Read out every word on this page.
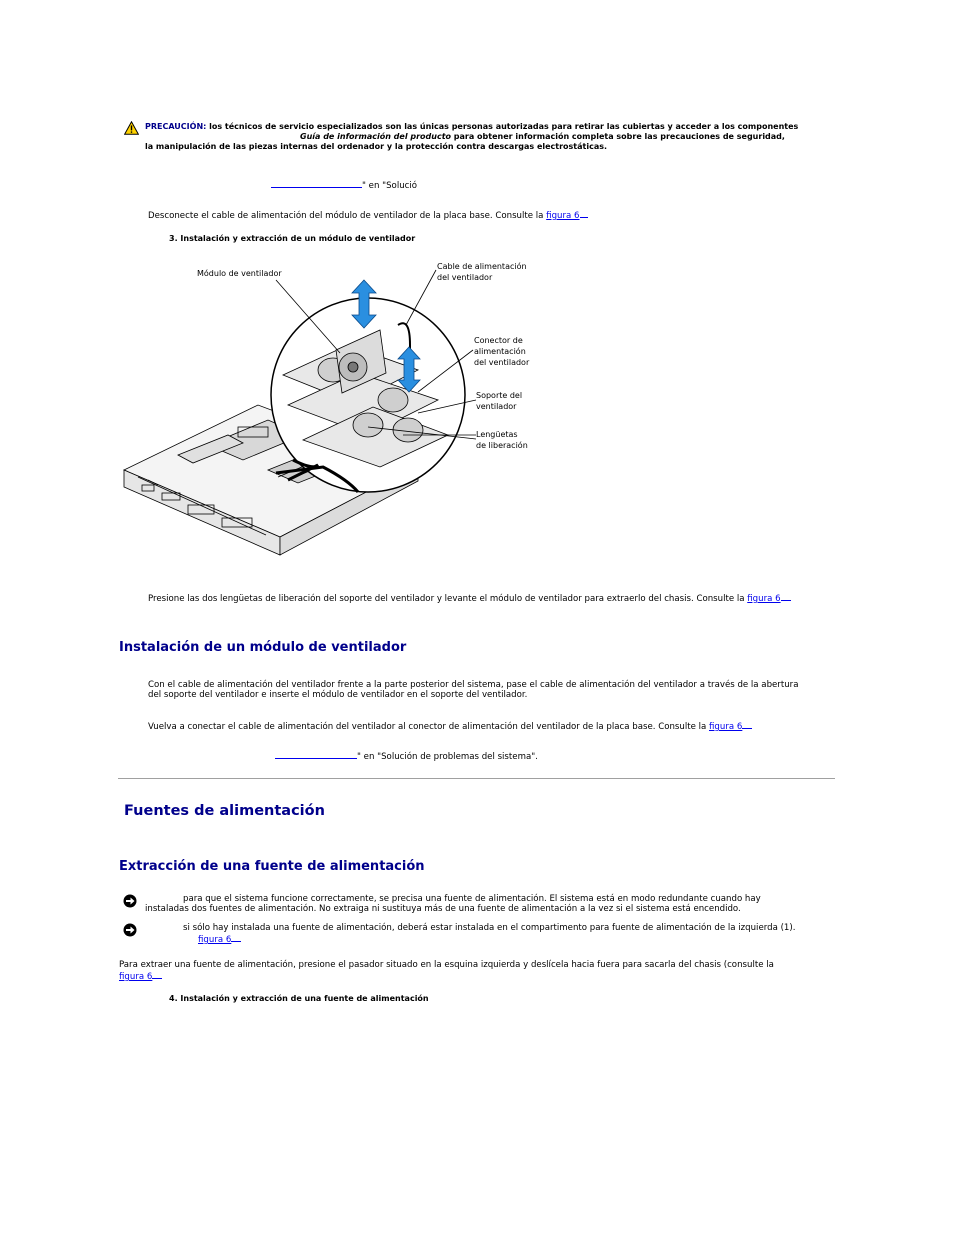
PRECAUCIÓN: los técnicos de servicio especializados son las únicas personas autorizadas para retirar las cubiertas y acceder a los componentes
Guía de información del producto para obtener información completa sobre las precauciones de seguridad,
la manipulación de las piezas internas del ordenador y la protección contra descargas electrostáticas.
" en "Solució
Desconecte el cable de alimentación del módulo de ventilador de la placa base. Consulte la figura 6
3. Instalación y extracción de un módulo de ventilador
Módulo de ventilador
Cable de alimentación
del ventilador
Conector de
alimentación
del ventilador
Soporte del
ventilador
Lengüetas
de liberación
Presione las dos lengüetas de liberación del soporte del ventilador y levante el módulo de ventilador para extraerlo del chasis. Consulte la figura 6
Instalación de un módulo de ventilador
Con el cable de alimentación del ventilador frente a la parte posterior del sistema, pase el cable de alimentación del ventilador a través de la abertura
del soporte del ventilador e inserte el módulo de ventilador en el soporte del ventilador.
Vuelva a conectar el cable de alimentación del ventilador al conector de alimentación del ventilador de la placa base. Consulte la figura 6
" en "Solución de problemas del sistema".
Fuentes de alimentación
Extracción de una fuente de alimentación
para que el sistema funcione correctamente, se precisa una fuente de alimentación. El sistema está en modo redundante cuando hay
instaladas dos fuentes de alimentación. No extraiga ni sustituya más de una fuente de alimentación a la vez si el sistema está encendido.
si sólo hay instalada una fuente de alimentación, deberá estar instalada en el compartimento para fuente de alimentación de la izquierda (1).
figura 6
Para extraer una fuente de alimentación, presione el pasador situado en la esquina izquierda y deslícela hacia fuera para sacarla del chasis (consulte la
figura 6
4. Instalación y extracción de una fuente de alimentación
